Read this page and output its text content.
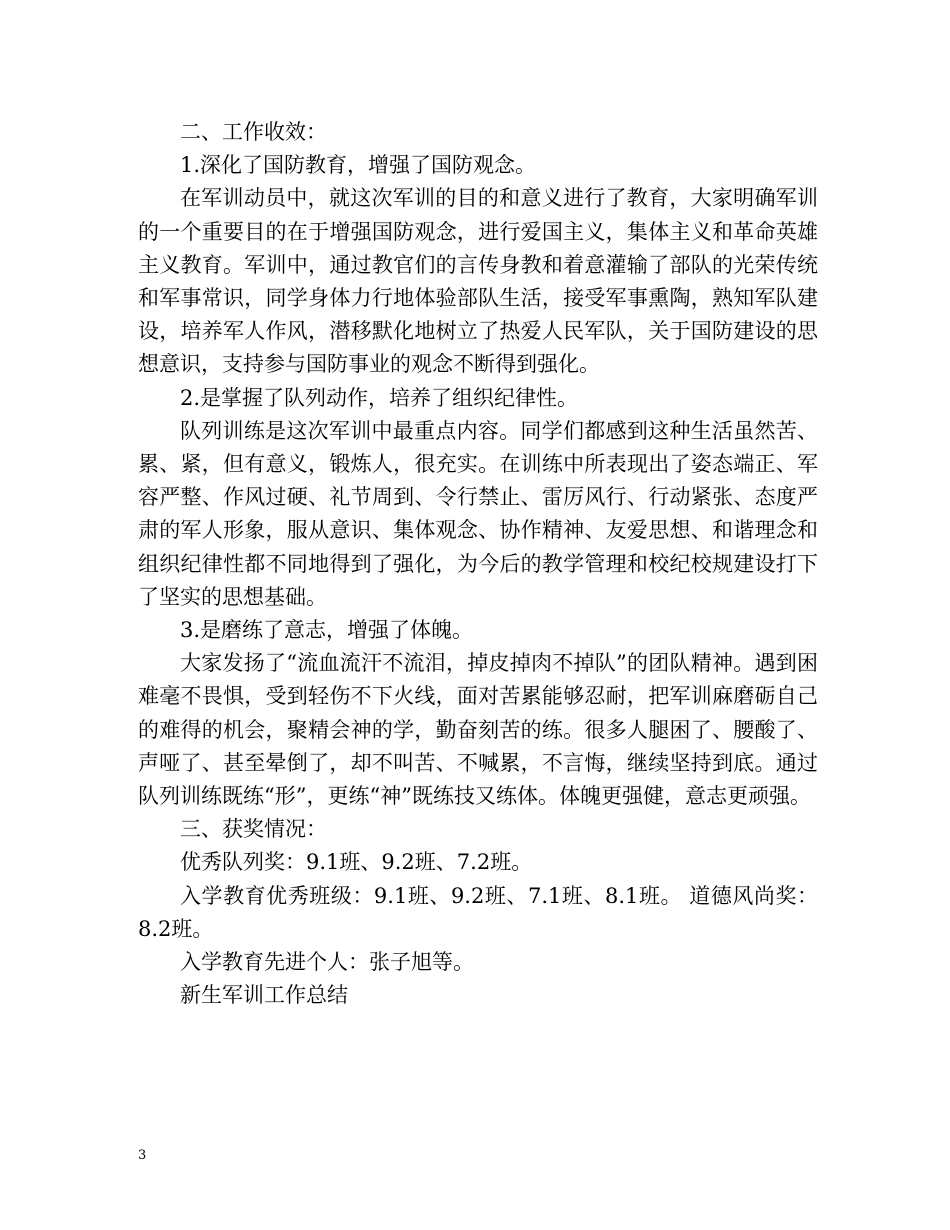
二、工作收效：

1.深化了国防教育，增强了国防观念。

在军训动员中，就这次军训的目的和意义进行了教育，大家明确军训的一个重要目的在于增强国防观念，进行爱国主义，集体主义和革命英雄主义教育。军训中，通过教官们的言传身教和着意灌输了部队的光荣传统和军事常识，同学身体力行地体验部队生活，接受军事熏陶，熟知军队建设，培养军人作风，潜移默化地树立了热爱人民军队，关于国防建设的思想意识，支持参与国防事业的观念不断得到强化。

2.是掌握了队列动作，培养了组织纪律性。

队列训练是这次军训中最重点内容。同学们都感到这种生活虽然苦、累、紧，但有意义，锻炼人，很充实。在训练中所表现出了姿态端正、军容严整、作风过硬、礼节周到、令行禁止、雷厉风行、行动紧张、态度严肃的军人形象，服从意识、集体观念、协作精神、友爱思想、和谐理念和组织纪律性都不同地得到了强化，为今后的教学管理和校纪校规建设打下了坚实的思想基础。

3.是磨练了意志，增强了体魄。

大家发扬了“流血流汗不流泪，掉皮掉肉不掉队”的团队精神。遇到困难毫不畏惧，受到轻伤不下火线，面对苦累能够忍耐，把军训麻磨砺自己的难得的机会，聚精会神的学，勤奋刻苦的练。很多人腿困了、腰酸了、声哑了、甚至晕倒了，却不叫苦、不喊累，不言悔，继续坚持到底。通过队列训练既练“形”，更练“神”既练技又练体。体魄更强健，意志更顽强。

三、获奖情况：

优秀队列奖：9.1班、9.2班、7.2班。

入学教育优秀班级：9.1班、9.2班、7.1班、8.1班。 道德风尚奖：8.2班。

入学教育先进个人：张子旭等。

新生军训工作总结

3
